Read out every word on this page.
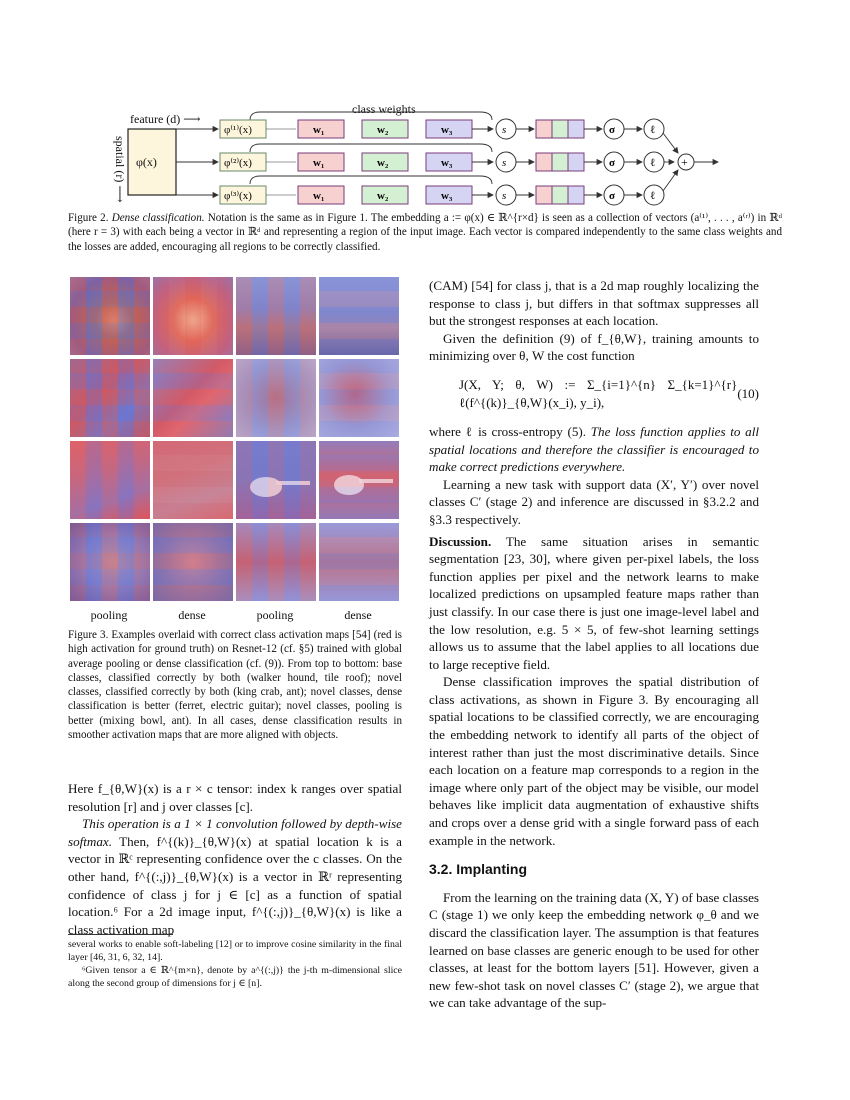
class weights
feature (d) ⟶
spatial (r) ⟶ φ(x)
φ⁽¹⁾(x)	w₁	w₂	w₃	s	σ	ℓ
φ⁽²⁾(x)	w₁	w₂	w₃	s	σ	ℓ
φ⁽³⁾(x)	w₁	w₂	w₃	s	σ	ℓ
+
Figure 2. Dense classification. Notation is the same as in Figure 1. The embedding a := φ(x) ∈ ℝ^{r×d} is seen as a collection of vectors (a⁽¹⁾, . . . , a⁽ʳ⁾) in ℝᵈ (here r = 3) with each being a vector in ℝᵈ and representing a region of the input image. Each vector is compared independently to the same class weights and the losses are added, encouraging all regions to be correctly classified.
pooling	dense	pooling	dense
Figure 3. Examples overlaid with correct class activation maps [54] (red is high activation for ground truth) on Resnet-12 (cf. §5) trained with global average pooling or dense classification (cf. (9)). From top to bottom: base classes, classified correctly by both (walker hound, tile roof); novel classes, classified correctly by both (king crab, ant); novel classes, dense classification is better (ferret, electric guitar); novel classes, pooling is better (mixing bowl, ant). In all cases, dense classification results in smoother activation maps that are more aligned with objects.

Here f_{θ,W}(x) is a r × c tensor: index k ranges over spatial resolution [r] and j over classes [c].

This operation is a 1 × 1 convolution followed by depth-wise softmax. Then, f^{(k)}_{θ,W}(x) at spatial location k is a vector in ℝᶜ representing confidence over the c classes. On the other hand, f^{(:,j)}_{θ,W}(x) is a vector in ℝʳ representing confidence of class j for j ∈ [c] as a function of spatial location.⁶ For a 2d image input, f^{(:,j)}_{θ,W}(x) is like a class activation map

several works to enable soft-labeling [12] or to improve cosine similarity in the final layer [46, 31, 6, 32, 14].

⁶Given tensor a ∈ ℝ^{m×n}, denote by a^{(:,j)} the j-th m-dimensional slice along the second group of dimensions for j ∈ [n].

(CAM) [54] for class j, that is a 2d map roughly localizing the response to class j, but differs in that softmax suppresses all but the strongest responses at each location.

Given the definition (9) of f_{θ,W}, training amounts to minimizing over θ, W the cost function

J(X, Y; θ, W) := Σ_{i=1}^{n} Σ_{k=1}^{r} ℓ(f^{(k)}_{θ,W}(x_i), y_i),
(10)

where ℓ is cross-entropy (5). The loss function applies to all spatial locations and therefore the classifier is encouraged to make correct predictions everywhere.

Learning a new task with support data (X′, Y′) over novel classes C′ (stage 2) and inference are discussed in §3.2.2 and §3.3 respectively.

Discussion. The same situation arises in semantic segmentation [23, 30], where given per-pixel labels, the loss function applies per pixel and the network learns to make localized predictions on upsampled feature maps rather than just classify. In our case there is just one image-level label and the low resolution, e.g. 5 × 5, of few-shot learning settings allows us to assume that the label applies to all locations due to large receptive field.

Dense classification improves the spatial distribution of class activations, as shown in Figure 3. By encouraging all spatial locations to be classified correctly, we are encouraging the embedding network to identify all parts of the object of interest rather than just the most discriminative details. Since each location on a feature map corresponds to a region in the image where only part of the object may be visible, our model behaves like implicit data augmentation of exhaustive shifts and crops over a dense grid with a single forward pass of each example in the network.

3.2. Implanting

From the learning on the training data (X, Y) of base classes C (stage 1) we only keep the embedding network φ_θ and we discard the classification layer. The assumption is that features learned on base classes are generic enough to be used for other classes, at least for the bottom layers [51]. However, given a new few-shot task on novel classes C′ (stage 2), we argue that we can take advantage of the sup-
